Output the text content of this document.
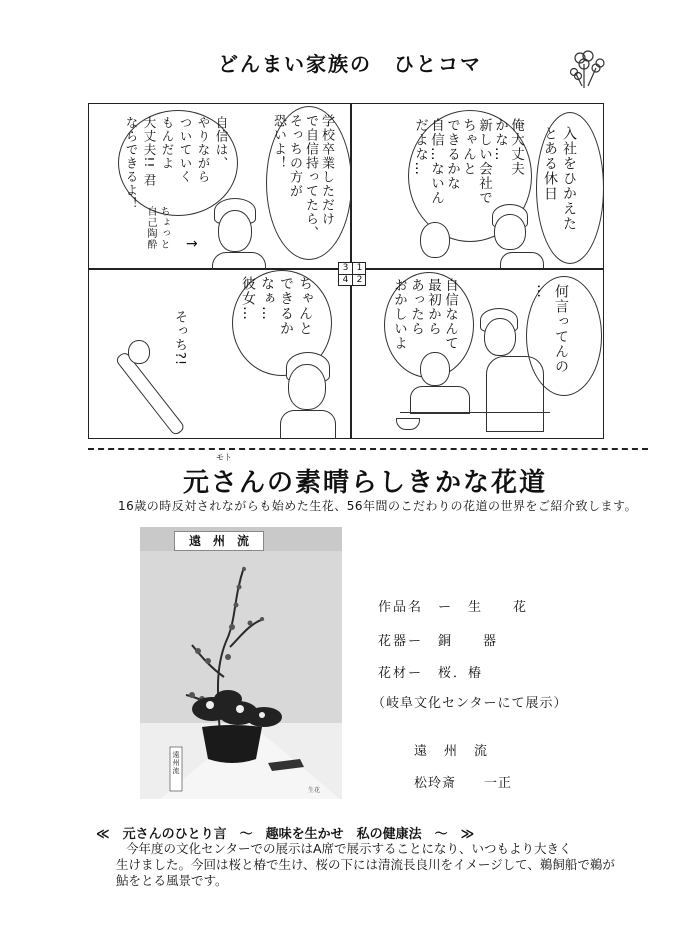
どんまい家族の　ひとコマ
3 1
4 2
入社をひかえた
とある休日
俺大丈夫
かな…
新しい会社で
ちゃんと
できるかな
自信…ないん
だよな…
学校卒業しただけ
で自信持ってたら、
そっちの方が
恐いよ！
自信は、
やりながら
ついていく
もんだよ
大丈夫!! 君
ならできるよ！
ちょっと
自己陶酔	→
何言ってんの
…
自信なんて
最初から
あったら
おかしいよ
ちゃんと
できるか
なぁ…
彼女…
そっち?!
モト
元さんの素晴らしきかな花道
16歳の時反対されながらも始めた生花、56年間のこだわりの花道の世界をご紹介致します。
遠　州　流
遠州流
生花
作品名　ー　生　　花
花器ー　銅　　器
花材ー　桜．椿
（岐阜文化センターにて展示）
遠　州　流
松玲斎　　一正
≪　元さんのひとり言　～　趣味を生かせ　私の健康法　～　≫
今年度の文化センターでの展示はA席で展示することになり、いつもより大きく
生けました。今回は桜と椿で生け、桜の下には清流長良川をイメージして、鵜飼船で鵜が
鮎をとる風景です。
